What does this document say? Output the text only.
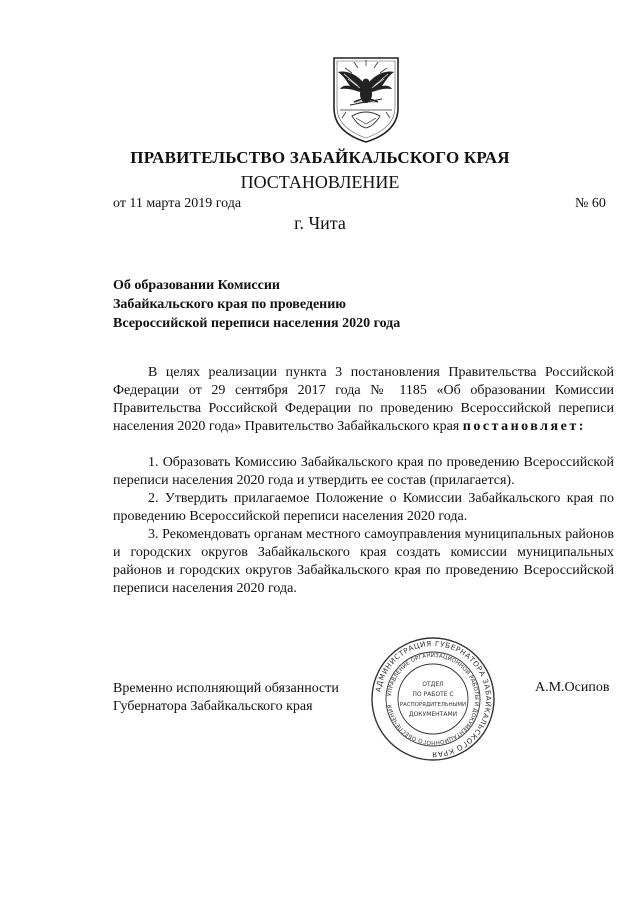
ПРАВИТЕЛЬСТВО ЗАБАЙКАЛЬСКОГО КРАЯ
ПОСТАНОВЛЕНИЕ
от 11 марта 2019 года	№ 60
г. Чита
Об образовании Комиссии
Забайкальского края по проведению
Всероссийской переписи населения 2020 года

В целях реализации пункта 3 постановления Правительства Российской Федерации от 29 сентября 2017 года № 1185 «Об образовании Комиссии Правительства Российской Федерации по проведению Всероссийской переписи населения 2020 года» Правительство Забайкальского края постановляет:

1. Образовать Комиссию Забайкальского края по проведению Всероссийской переписи населения 2020 года и утвердить ее состав (прилагается).

2. Утвердить прилагаемое Положение о Комиссии Забайкальского края по проведению Всероссийской переписи населения 2020 года.

3. Рекомендовать органам местного самоуправления муниципальных районов и городских округов Забайкальского края создать комиссии муниципальных районов и городских округов Забайкальского края по проведению Всероссийской переписи населения 2020 года.

Временно исполняющий обязанности
Губернатора Забайкальского края
А.М.Осипов
АДМИНИСТРАЦИЯ ГУБЕРНАТОРА ЗАБАЙКАЛЬСКОГО КРАЯ
УПРАВЛЕНИЕ ОРГАНИЗАЦИОННОЙ РАБОТЫ И ДОКУМЕНТАЦИОННОГО ОБЕСПЕЧЕНИЯ
ОТДЕЛ
ПО РАБОТЕ С
РАСПОРЯДИТЕЛЬНЫМИ
ДОКУМЕНТАМИ
